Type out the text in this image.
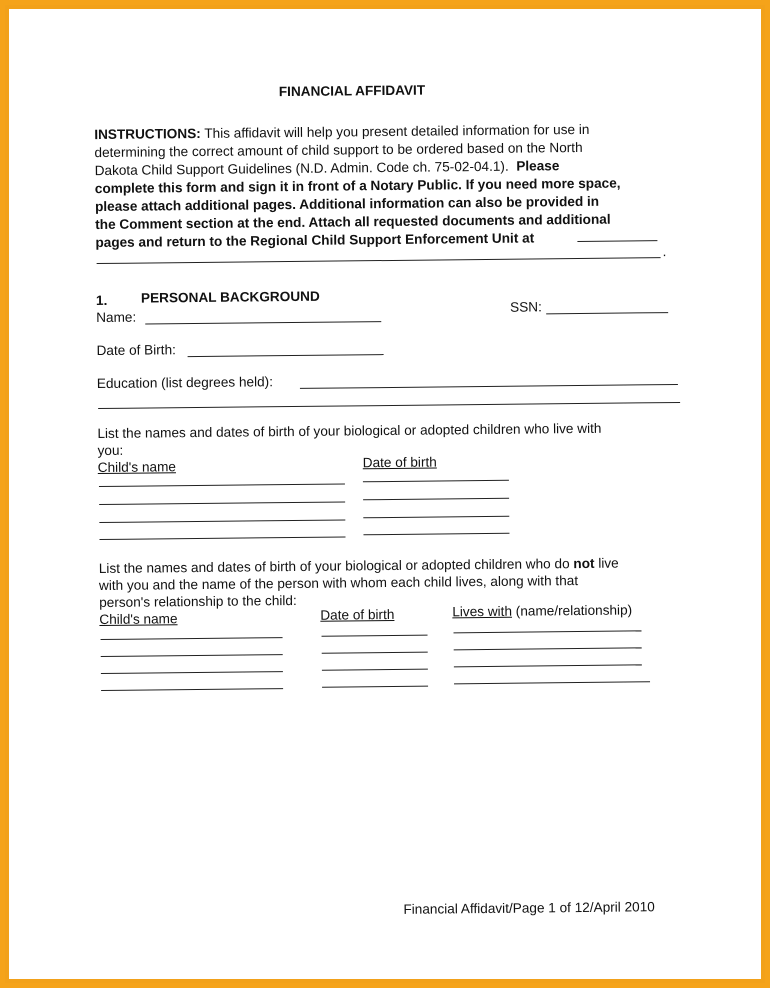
FINANCIAL AFFIDAVIT
INSTRUCTIONS: This affidavit will help you present detailed information for use in
determining the correct amount of child support to be ordered based on the North
Dakota Child Support Guidelines (N.D. Admin. Code ch. 75-02-04.1). Please
complete this form and sign it in front of a Notary Public. If you need more space,
please attach additional pages. Additional information can also be provided in
the Comment section at the end. Attach all requested documents and additional
pages and return to the Regional Child Support Enforcement Unit at
.
1. PERSONAL BACKGROUND
Name:
SSN:
Date of Birth:
Education (list degrees held):
List the names and dates of birth of your biological or adopted children who live with
you:
Child's name	Date of birth
List the names and dates of birth of your biological or adopted children who do not live
with you and the name of the person with whom each child lives, along with that
person's relationship to the child:
Child's name	Date of birth	Lives with (name/relationship)
Financial Affidavit/Page 1 of 12/April 2010
